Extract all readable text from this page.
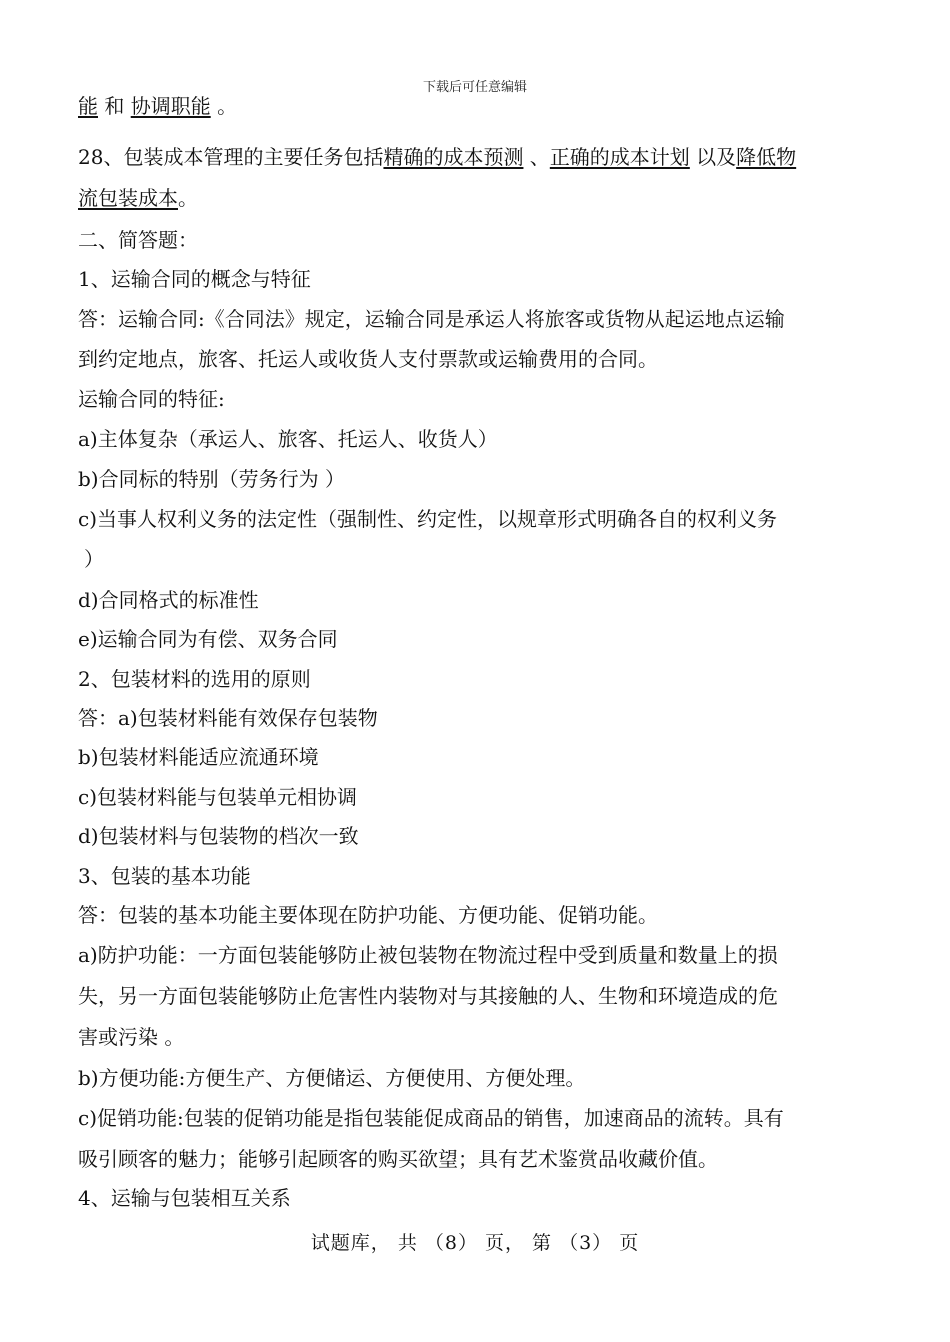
下载后可任意编辑
能 和 协调职能 。
28、包装成本管理的主要任务包括精确的成本预测 、正确的成本计划 以及降低物
流包装成本。
二、简答题：
1、运输合同的概念与特征
答：运输合同:《合同法》规定，运输合同是承运人将旅客或货物从起运地点运输
到约定地点，旅客、托运人或收货人支付票款或运输费用的合同。
运输合同的特征:
a)主体复杂（承运人、旅客、托运人、收货人）
b)合同标的特别（劳务行为 ）
c)当事人权利义务的法定性（强制性、约定性，以规章形式明确各自的权利义务
）
d)合同格式的标准性
e)运输合同为有偿、双务合同
2、包装材料的选用的原则
答：a)包装材料能有效保存包装物
b)包装材料能适应流通环境
c)包装材料能与包装单元相协调
d)包装材料与包装物的档次一致
3、包装的基本功能
答：包装的基本功能主要体现在防护功能、方便功能、促销功能。
a)防护功能：一方面包装能够防止被包装物在物流过程中受到质量和数量上的损
失，另一方面包装能够防止危害性内装物对与其接触的人、生物和环境造成的危
害或污染 。
b)方便功能:方便生产、方便储运、方便使用、方便处理。
c)促销功能:包装的促销功能是指包装能促成商品的销售，加速商品的流转。具有
吸引顾客的魅力；能够引起顾客的购买欲望；具有艺术鉴赏品收藏价值。
4、运输与包装相互关系
试题库， 共 （8） 页， 第 （3） 页
